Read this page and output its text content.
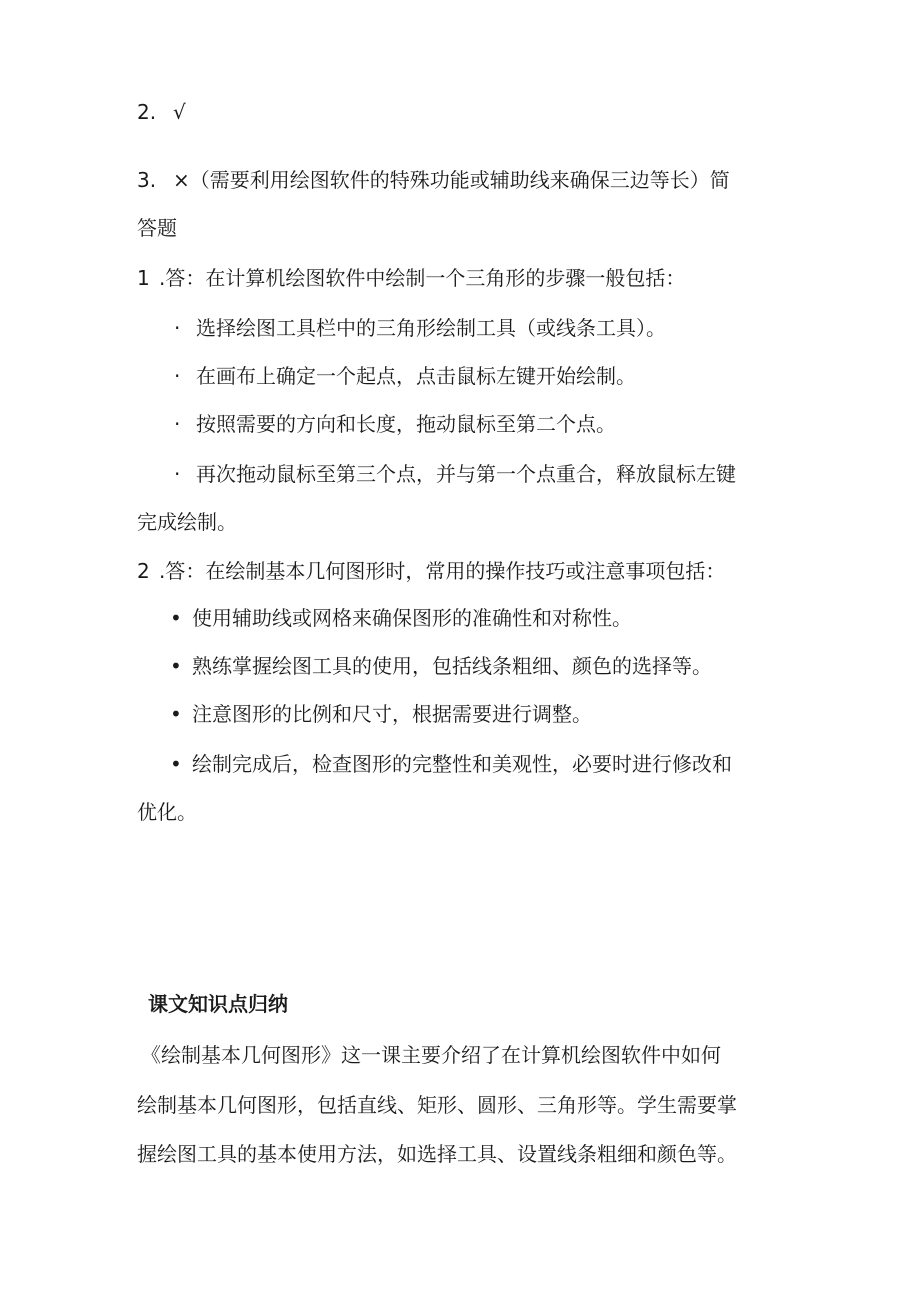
2. √
3. ×（需要利用绘图软件的特殊功能或辅助线来确保三边等长）简
答题
1 .答：在计算机绘图软件中绘制一个三角形的步骤一般包括：
· 选择绘图工具栏中的三角形绘制工具（或线条工具）。
· 在画布上确定一个起点，点击鼠标左键开始绘制。
· 按照需要的方向和长度，拖动鼠标至第二个点。
· 再次拖动鼠标至第三个点，并与第一个点重合，释放鼠标左键
完成绘制。
2 .答：在绘制基本几何图形时，常用的操作技巧或注意事项包括：
• 使用辅助线或网格来确保图形的准确性和对称性。
• 熟练掌握绘图工具的使用，包括线条粗细、颜色的选择等。
• 注意图形的比例和尺寸，根据需要进行调整。
• 绘制完成后，检查图形的完整性和美观性，必要时进行修改和
优化。
课文知识点归纳
《绘制基本几何图形》这一课主要介绍了在计算机绘图软件中如何
绘制基本几何图形，包括直线、矩形、圆形、三角形等。学生需要掌
握绘图工具的基本使用方法，如选择工具、设置线条粗细和颜色等。
